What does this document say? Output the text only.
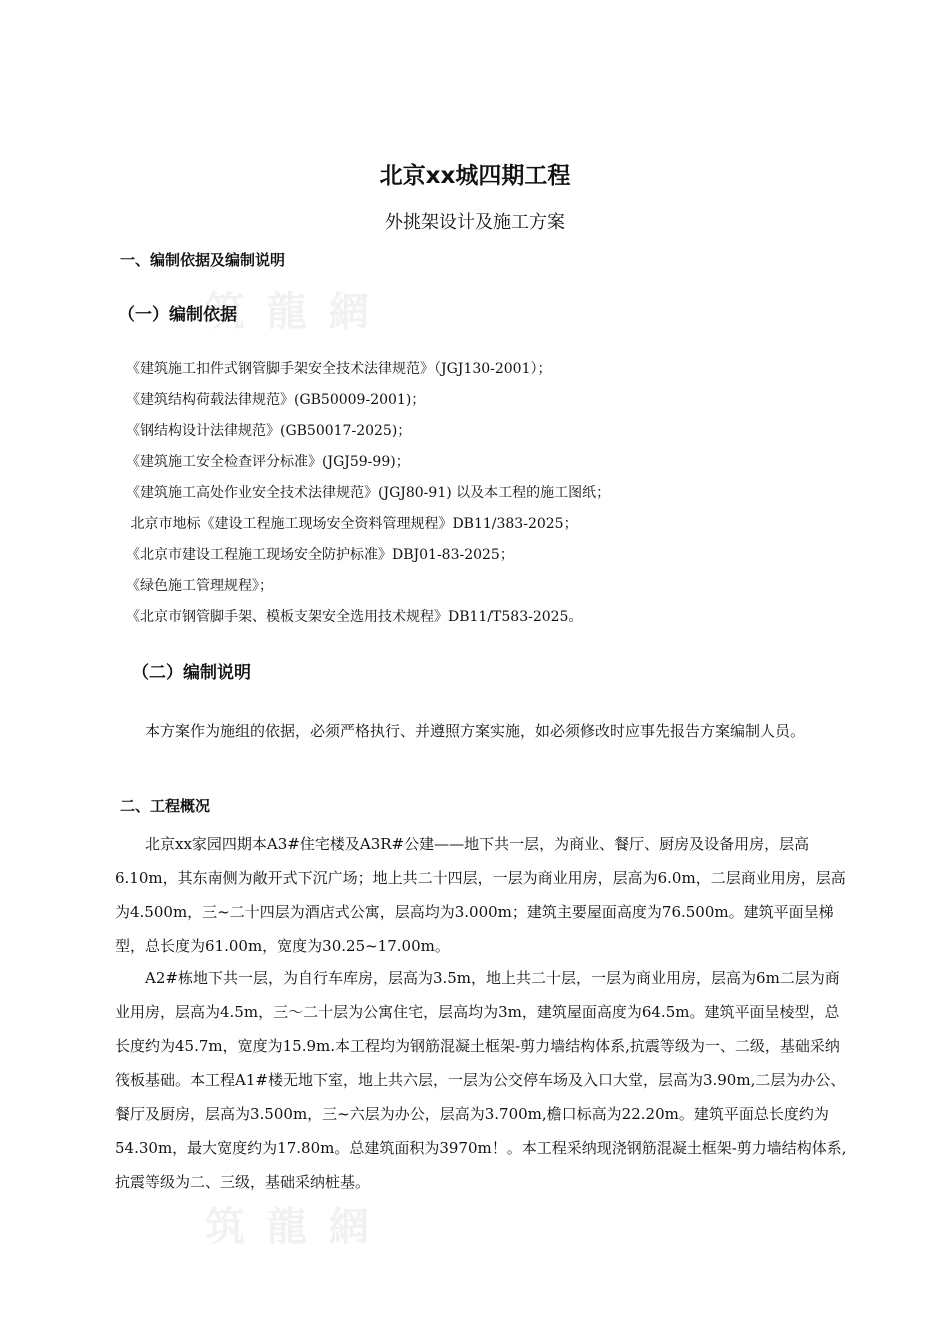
筑 龍 網
筑 龍 網
北京xx城四期工程
外挑架设计及施工方案
一、编制依据及编制说明
（一）编制依据
《建筑施工扣件式钢管脚手架安全技术法律规范》（JGJ130-2001）；
《建筑结构荷载法律规范》(GB50009-2001)；
《钢结构设计法律规范》(GB50017-2025)；
《建筑施工安全检查评分标准》(JGJ59-99)；
《建筑施工高处作业安全技术法律规范》(JGJ80-91) 以及本工程的施工图纸；
北京市地标《建设工程施工现场安全资料管理规程》DB11/383-2025；
《北京市建设工程施工现场安全防护标准》DBJ01-83-2025；
《绿色施工管理规程》；
《北京市钢管脚手架、模板支架安全选用技术规程》DB11/T583-2025。
（二）编制说明

本方案作为施组的依据，必须严格执行、并遵照方案实施，如必须修改时应事先报告方案编制人员。

二、工程概况

北京xx家园四期本A3#住宅楼及A3R#公建——地下共一层，为商业、餐厅、厨房及设备用房，层高6.10m，其东南侧为敞开式下沉广场；地上共二十四层，一层为商业用房，层高为6.0m，二层商业用房，层高为4.500m，三~二十四层为酒店式公寓，层高均为3.000m；建筑主要屋面高度为76.500m。建筑平面呈梯型，总长度为61.00m，宽度为30.25~17.00m。

A2#栋地下共一层，为自行车库房，层高为3.5m，地上共二十层，一层为商业用房，层高为6m二层为商业用房，层高为4.5m，三～二十层为公寓住宅，层高均为3m，建筑屋面高度为64.5m。建筑平面呈棱型，总长度约为45.7m，宽度为15.9m.本工程均为钢筋混凝土框架-剪力墙结构体系,抗震等级为一、二级，基础采纳筏板基础。本工程A1#楼无地下室，地上共六层，一层为公交停车场及入口大堂，层高为3.90m,二层为办公、餐厅及厨房，层高为3.500m，三~六层为办公，层高为3.700m,檐口标高为22.20m。建筑平面总长度约为54.30m，最大宽度约为17.80m。总建筑面积为3970m！。本工程采纳现浇钢筋混凝土框架-剪力墙结构体系,抗震等级为二、三级，基础采纳桩基。
